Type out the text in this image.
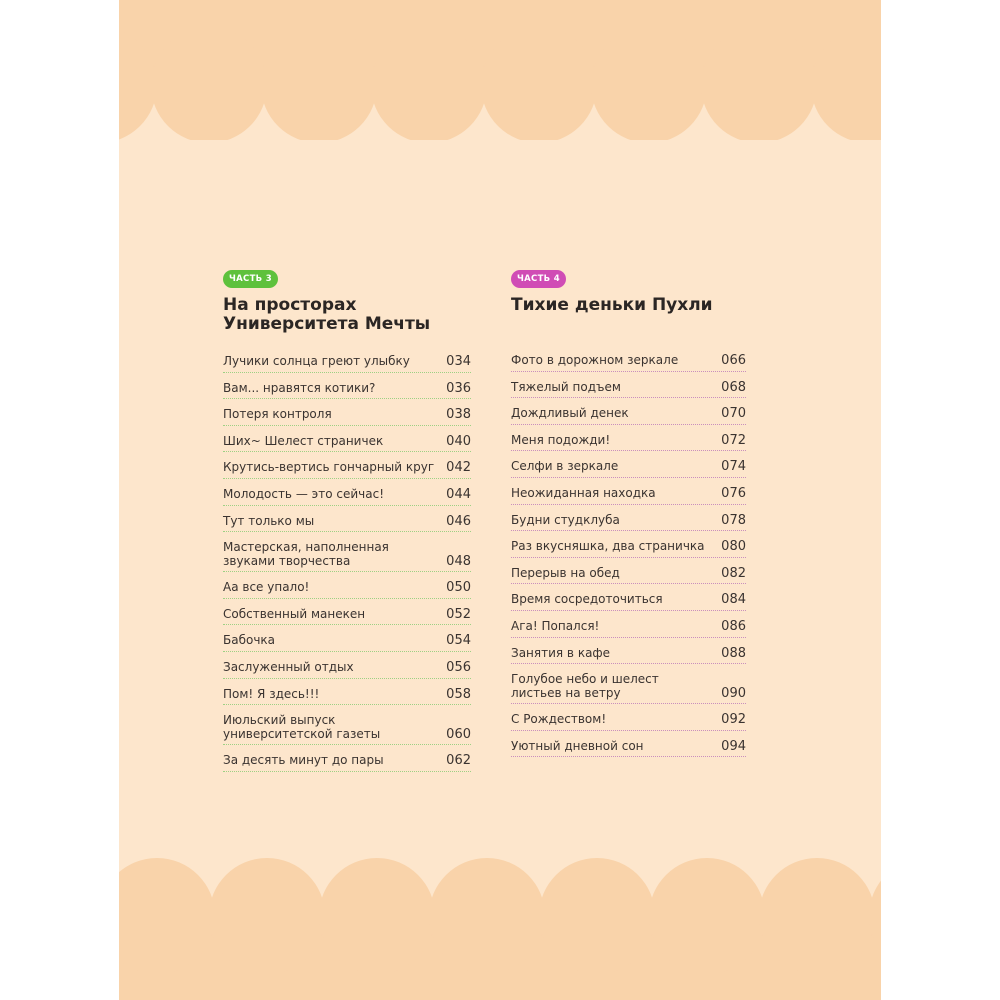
ЧАСТЬ 3
На просторах
Университета Мечты
Лучики солнца греют улыбку	034
Вам... нравятся котики?	036
Потеря контроля	038
Ших~ Шелест страничек	040
Крутись-вертись гончарный круг 042
Молодость — это сейчас!	044
Тут только мы	046
Мастерская, наполненная
звуками творчества	048
Аа все упало!	050
Собственный манекен	052
Бабочка	054
Заслуженный отдых	056
Пом! Я здесь!!!	058
Июльский выпуск
университетской газеты	060
За десять минут до пары	062
ЧАСТЬ 4
Тихие деньки Пухли
Фото в дорожном зеркале	066
Тяжелый подъем	068
Дождливый денек	070
Меня подожди!	072
Селфи в зеркале	074
Неожиданная находка	076
Будни студклуба	078
Раз вкусняшка, два страничка	080
Перерыв на обед	082
Время сосредоточиться	084
Ага! Попался!	086
Занятия в кафе	088
Голубое небо и шелест
листьев на ветру	090
С Рождеством!	092
Уютный дневной сон	094
